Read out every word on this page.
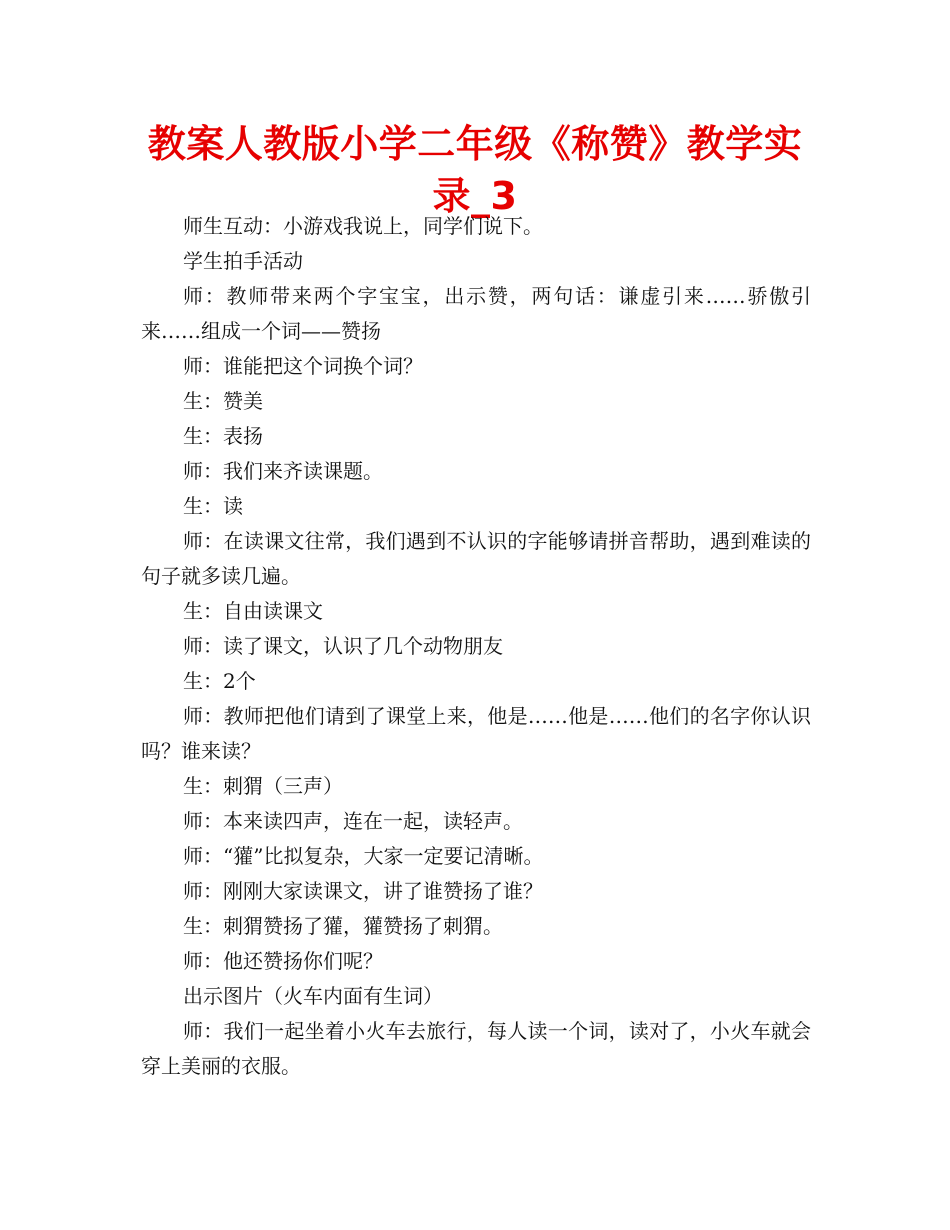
教案人教版小学二年级《称赞》教学实录_3

师生互动：小游戏我说上，同学们说下。

学生拍手活动

师：教师带来两个字宝宝，出示赞，两句话：谦虚引来……骄傲引来……组成一个词——赞扬

师：谁能把这个词换个词？

生：赞美

生：表扬

师：我们来齐读课题。

生：读

师：在读课文往常，我们遇到不认识的字能够请拼音帮助，遇到难读的句子就多读几遍。

生：自由读课文

师：读了课文，认识了几个动物朋友

生：2个

师：教师把他们请到了课堂上来，他是……他是……他们的名字你认识吗？谁来读？

生：刺猬（三声）

师：本来读四声，连在一起，读轻声。

师：“獾”比拟复杂，大家一定要记清晰。

师：刚刚大家读课文，讲了谁赞扬了谁？

生：刺猬赞扬了獾，獾赞扬了刺猬。

师：他还赞扬你们呢？

出示图片（火车内面有生词）

师：我们一起坐着小火车去旅行，每人读一个词，读对了，小火车就会穿上美丽的衣服。
